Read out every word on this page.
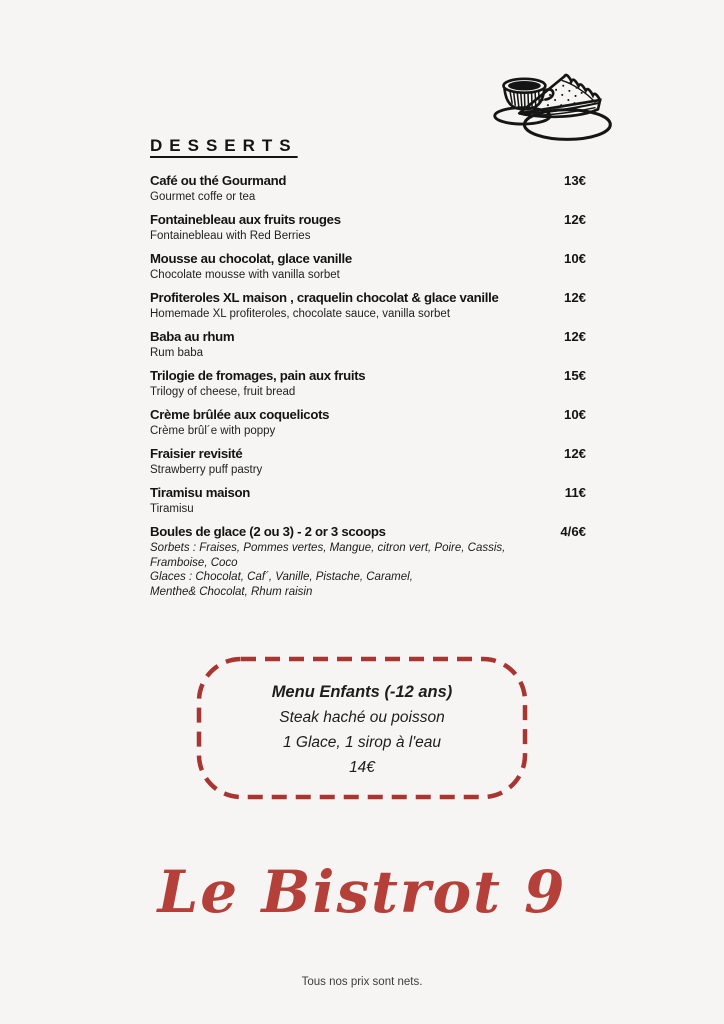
DESSERTS
Café ou thé Gourmand	13€
Gourmet coffe or tea
Fontainebleau aux fruits rouges	12€
Fontainebleau with Red Berries
Mousse au chocolat, glace vanille	10€
Chocolate mousse with vanilla sorbet
Profiteroles XL maison , craquelin chocolat & glace vanille	12€
Homemade XL profiteroles, chocolate sauce, vanilla sorbet
Baba au rhum	12€
Rum baba
Trilogie de fromages, pain aux fruits	15€
Trilogy of cheese, fruit bread
Crème brûlée aux coquelicots	10€
Crème brûl´e with poppy
Fraisier revisité	12€
Strawberry puff pastry
Tiramisu maison	11€
Tiramisu
Boules de glace (2 ou 3) - 2 or 3 scoops	4/6€
Sorbets : Fraises, Pommes vertes, Mangue, citron vert, Poire, Cassis,
Framboise, Coco
Glaces : Chocolat, Caf´, Vanille, Pistache, Caramel,
Menthe& Chocolat, Rhum raisin
Menu Enfants (-12 ans)
Steak haché ou poisson
1 Glace, 1 sirop à l'eau
14€
Le Bistrot 9
Tous nos prix sont nets.
